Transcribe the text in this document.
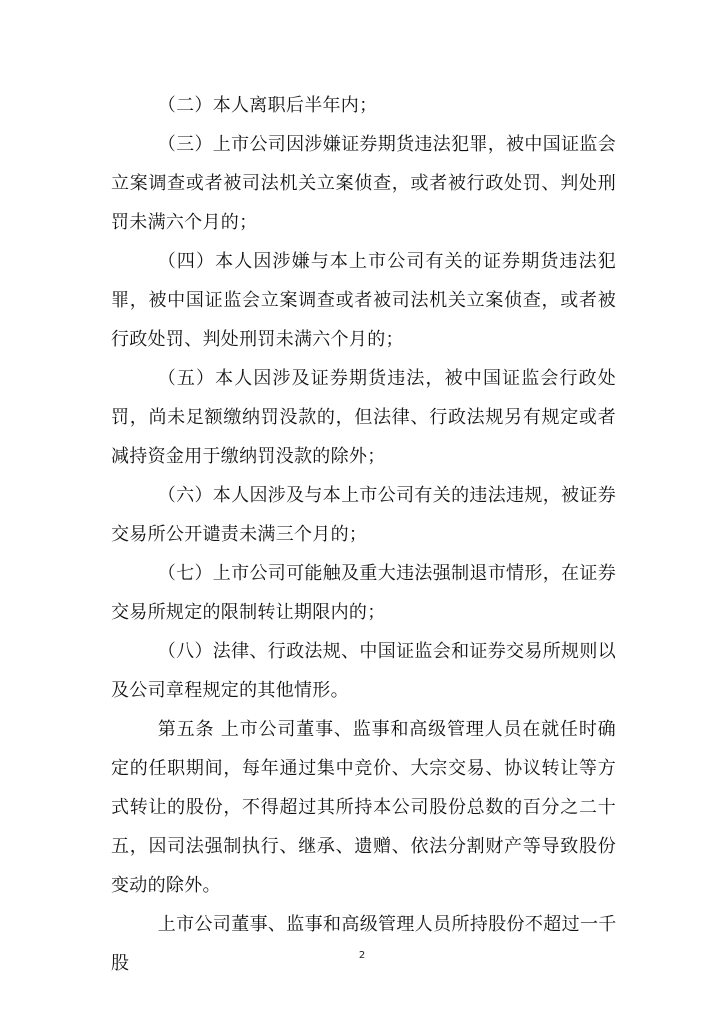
（二）本人离职后半年内；

（三）上市公司因涉嫌证券期货违法犯罪，被中国证监会立案调查或者被司法机关立案侦查，或者被行政处罚、判处刑罚未满六个月的；

（四）本人因涉嫌与本上市公司有关的证券期货违法犯罪，被中国证监会立案调查或者被司法机关立案侦查，或者被行政处罚、判处刑罚未满六个月的；

（五）本人因涉及证券期货违法，被中国证监会行政处罚，尚未足额缴纳罚没款的，但法律、行政法规另有规定或者减持资金用于缴纳罚没款的除外；

（六）本人因涉及与本上市公司有关的违法违规，被证券交易所公开谴责未满三个月的；

（七）上市公司可能触及重大违法强制退市情形，在证券交易所规定的限制转让期限内的；

（八）法律、行政法规、中国证监会和证券交易所规则以及公司章程规定的其他情形。

第五条 上市公司董事、监事和高级管理人员在就任时确定的任职期间，每年通过集中竞价、大宗交易、协议转让等方式转让的股份，不得超过其所持本公司股份总数的百分之二十五，因司法强制执行、继承、遗赠、依法分割财产等导致股份变动的除外。

上市公司董事、监事和高级管理人员所持股份不超过一千股	2
